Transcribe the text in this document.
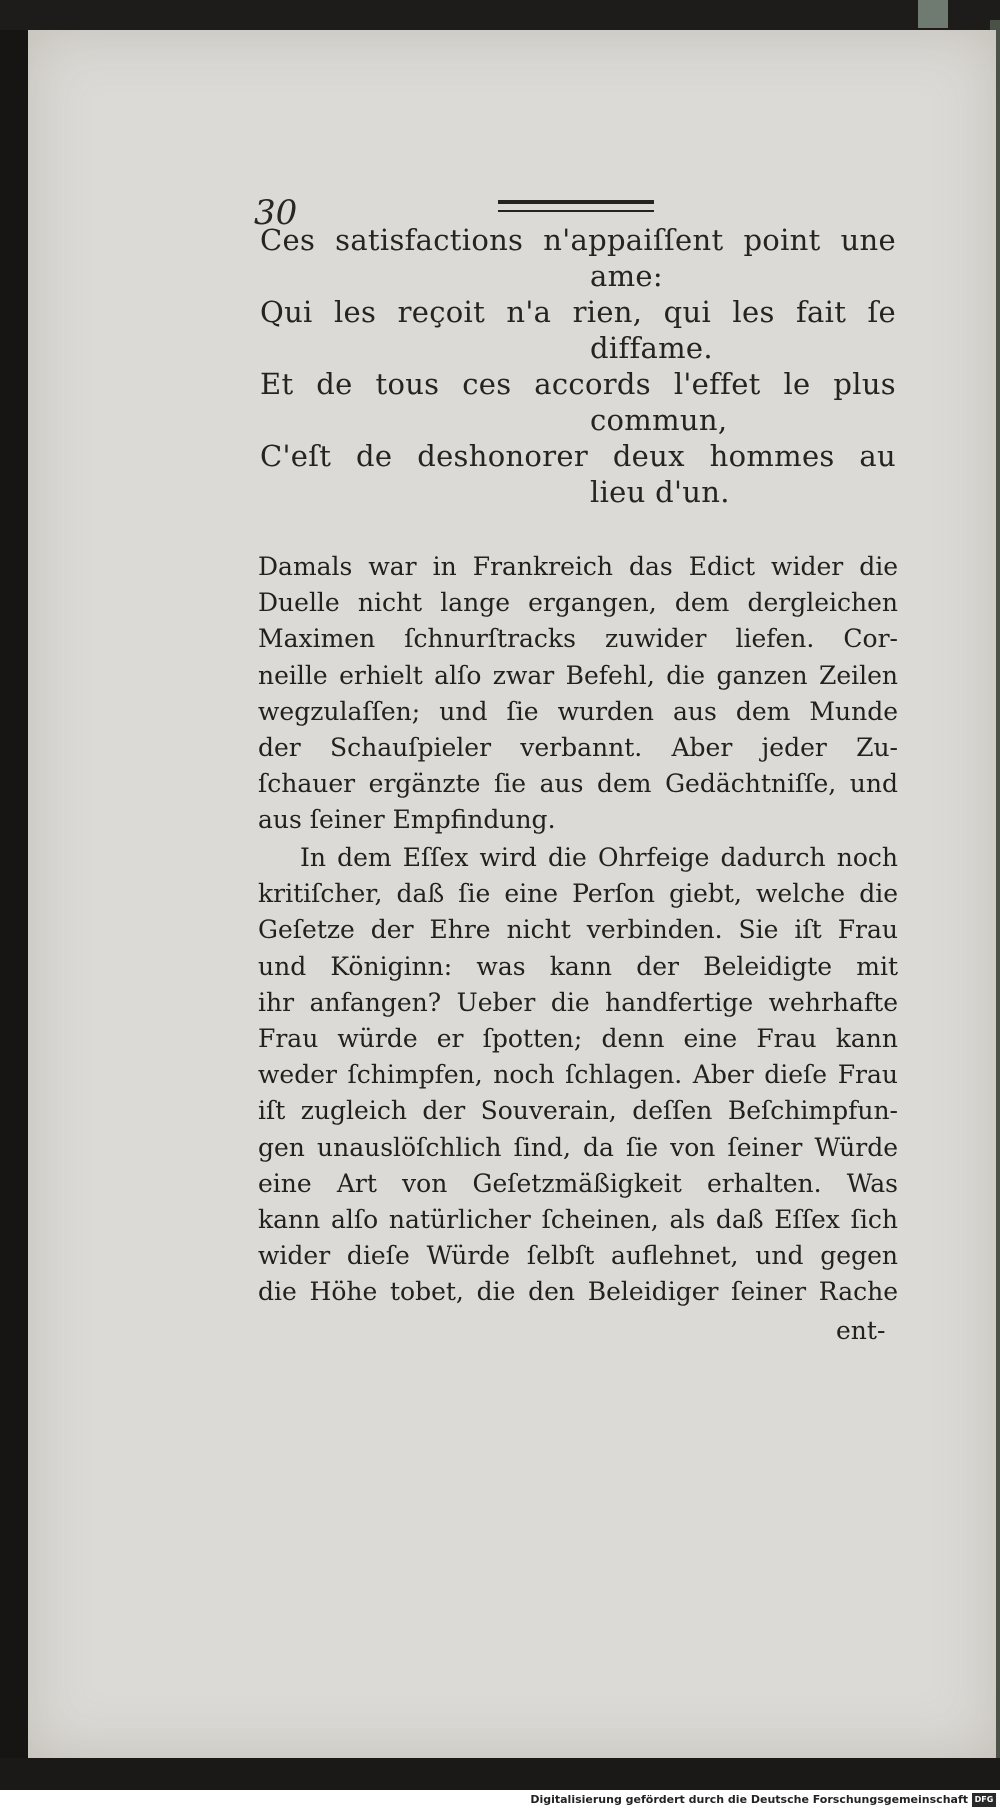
30
Ces satisfactions n'appaiſſent point une
ame:
Qui les reçoit n'a rien, qui les fait ſe
diffame.
Et de tous ces accords l'effet le plus
commun,
C'eſt de deshonorer deux hommes au
lieu d'un.
Damals war in Frankreich das Edict wider die
Duelle nicht lange ergangen, dem dergleichen
Maximen ſchnurſtracks zuwider liefen. Cor-
neille erhielt alſo zwar Befehl, die ganzen Zeilen
wegzulaſſen; und ſie wurden aus dem Munde
der Schauſpieler verbannt. Aber jeder Zu-
ſchauer ergänzte ſie aus dem Gedächtniſſe, und
aus ſeiner Empfindung.
In dem Eſſex wird die Ohrfeige dadurch noch
kritiſcher, daß ſie eine Perſon giebt, welche die
Geſetze der Ehre nicht verbinden. Sie iſt Frau
und Königinn: was kann der Beleidigte mit
ihr anfangen? Ueber die handfertige wehrhafte
Frau würde er ſpotten; denn eine Frau kann
weder ſchimpfen, noch ſchlagen. Aber dieſe Frau
iſt zugleich der Souverain, deſſen Beſchimpfun-
gen unauslöſchlich ſind, da ſie von ſeiner Würde
eine Art von Geſetzmäßigkeit erhalten. Was
kann alſo natürlicher ſcheinen, als daß Eſſex ſich
wider dieſe Würde ſelbſt auflehnet, und gegen
die Höhe tobet, die den Beleidiger ſeiner Rache
ent-
Digitalisierung gefördert durch die Deutsche Forschungsgemeinschaft DFG
